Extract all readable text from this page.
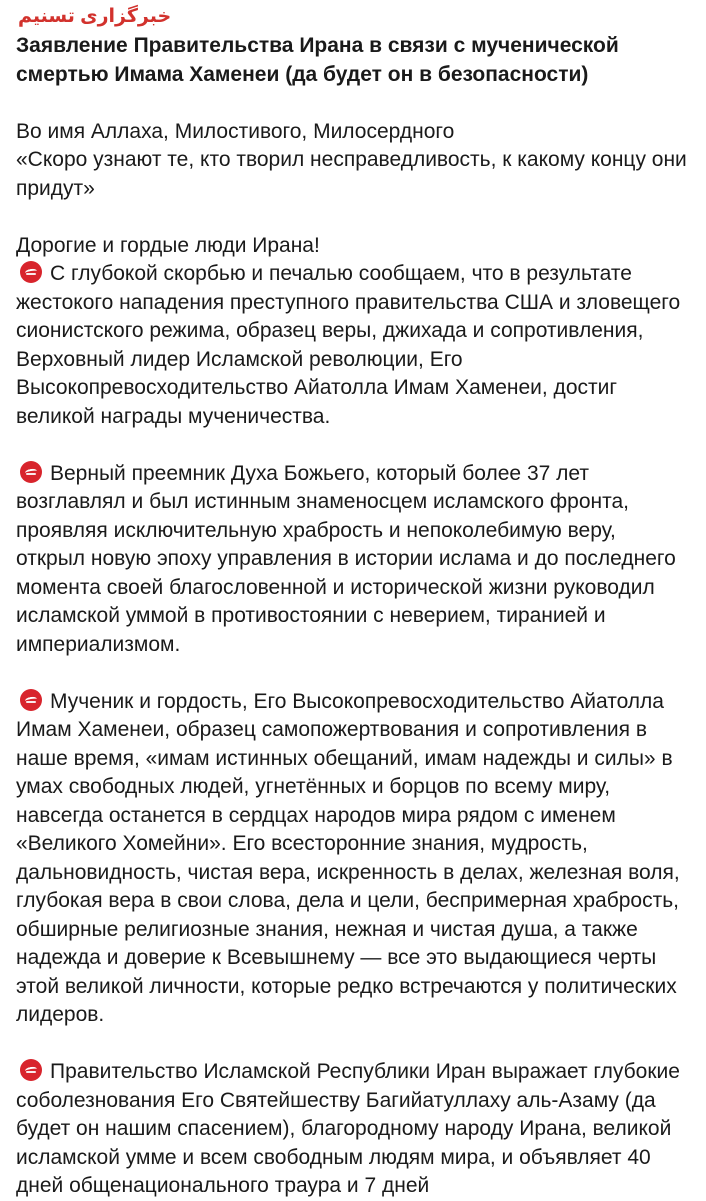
خبرگزاری تسنیم

Заявление Правительства Ирана в связи с мученической смертью Имама Хаменеи (да будет он в безопасности)

Во имя Аллаха, Милостивого, Милосердного

«Скоро узнают те, кто творил несправедливость, к какому концу они придут»

Дорогие и гордые люди Ирана!

С глубокой скорбью и печалью сообщаем, что в результате жестокого нападения преступного правительства США и зловещего сионистского режима, образец веры, джихада и сопротивления, Верховный лидер Исламской революции, Его Высокопревосходительство Айатолла Имам Хаменеи, достиг великой награды мученичества.

Верный преемник Духа Божьего, который более 37 лет возглавлял и был истинным знаменосцем исламского фронта, проявляя исключительную храбрость и непоколебимую веру, открыл новую эпоху управления в истории ислама и до последнего момента своей благословенной и исторической жизни руководил исламской уммой в противостоянии с неверием, тиранией и империализмом.

Мученик и гордость, Его Высокопревосходительство Айатолла Имам Хаменеи, образец самопожертвования и сопротивления в наше время, «имам истинных обещаний, имам надежды и силы» в умах свободных людей, угнетённых и борцов по всему миру, навсегда останется в сердцах народов мира рядом с именем «Великого Хомейни». Его всесторонние знания, мудрость, дальновидность, чистая вера, искренность в делах, железная воля, глубокая вера в свои слова, дела и цели, беспримерная храбрость, обширные религиозные знания, нежная и чистая душа, а также надежда и доверие к Всевышнему — все это выдающиеся черты этой великой личности, которые редко встречаются у политических лидеров.

Правительство Исламской Республики Иран выражает глубокие соболезнования Его Святейшеству Багийатуллаху аль-Азаму (да будет он нашим спасением), благородному народу Ирана, великой исламской умме и всем свободным людям мира, и объявляет 40 дней общенационального траура и 7 дней
